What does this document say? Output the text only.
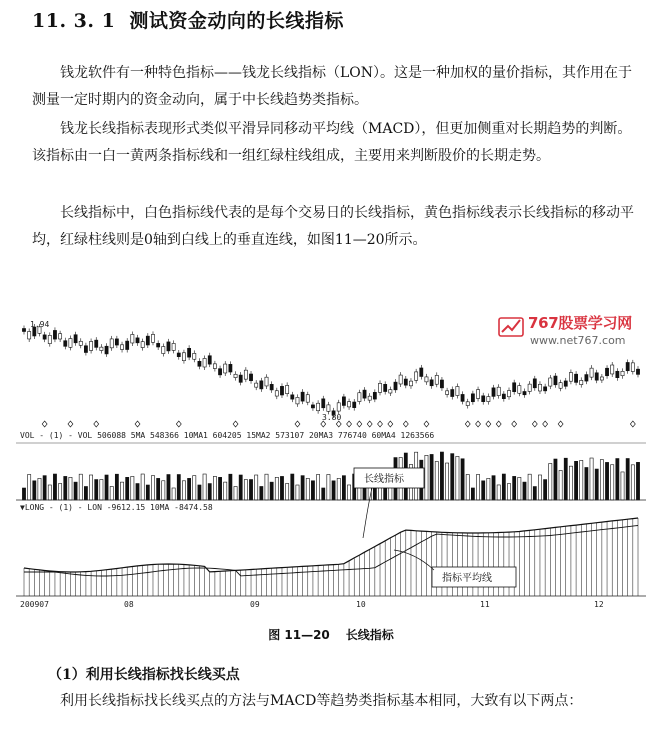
11. 3. 1 测试资金动向的长线指标
钱龙软件有一种特色指标——钱龙长线指标（LON）。这是一种加权的量价指标，其作用在于测量一定时期内的资金动向，属于中长线趋势类指标。
钱龙长线指标表现形式类似平滑异同移动平均线（MACD），但更加侧重对长期趋势的判断。该指标由一白一黄两条指标线和一组红绿柱线组成，主要用来判断股价的长期走势。
长线指标中，白色指标线代表的是每个交易日的长线指标，黄色指标线表示长线指标的移动平均，红绿柱线则是0轴到白线上的垂直连线，如图11—20所示。
1.94
3.80
VOL - (1) - VOL 506088 5MA 548366 10MA1 604205 15MA2 573107 20MA3 776740 60MA4 1263566
▼LONG - (1) - LON -9612.15 10MA -8474.58
长线指标
指标平均线
200907	08	09	10	11	12
767股票学习网
www.net767.com
图 11—20 长线指标
（1）利用长线指标找长线买点
利用长线指标找长线买点的方法与MACD等趋势类指标基本相同，大致有以下两点：
